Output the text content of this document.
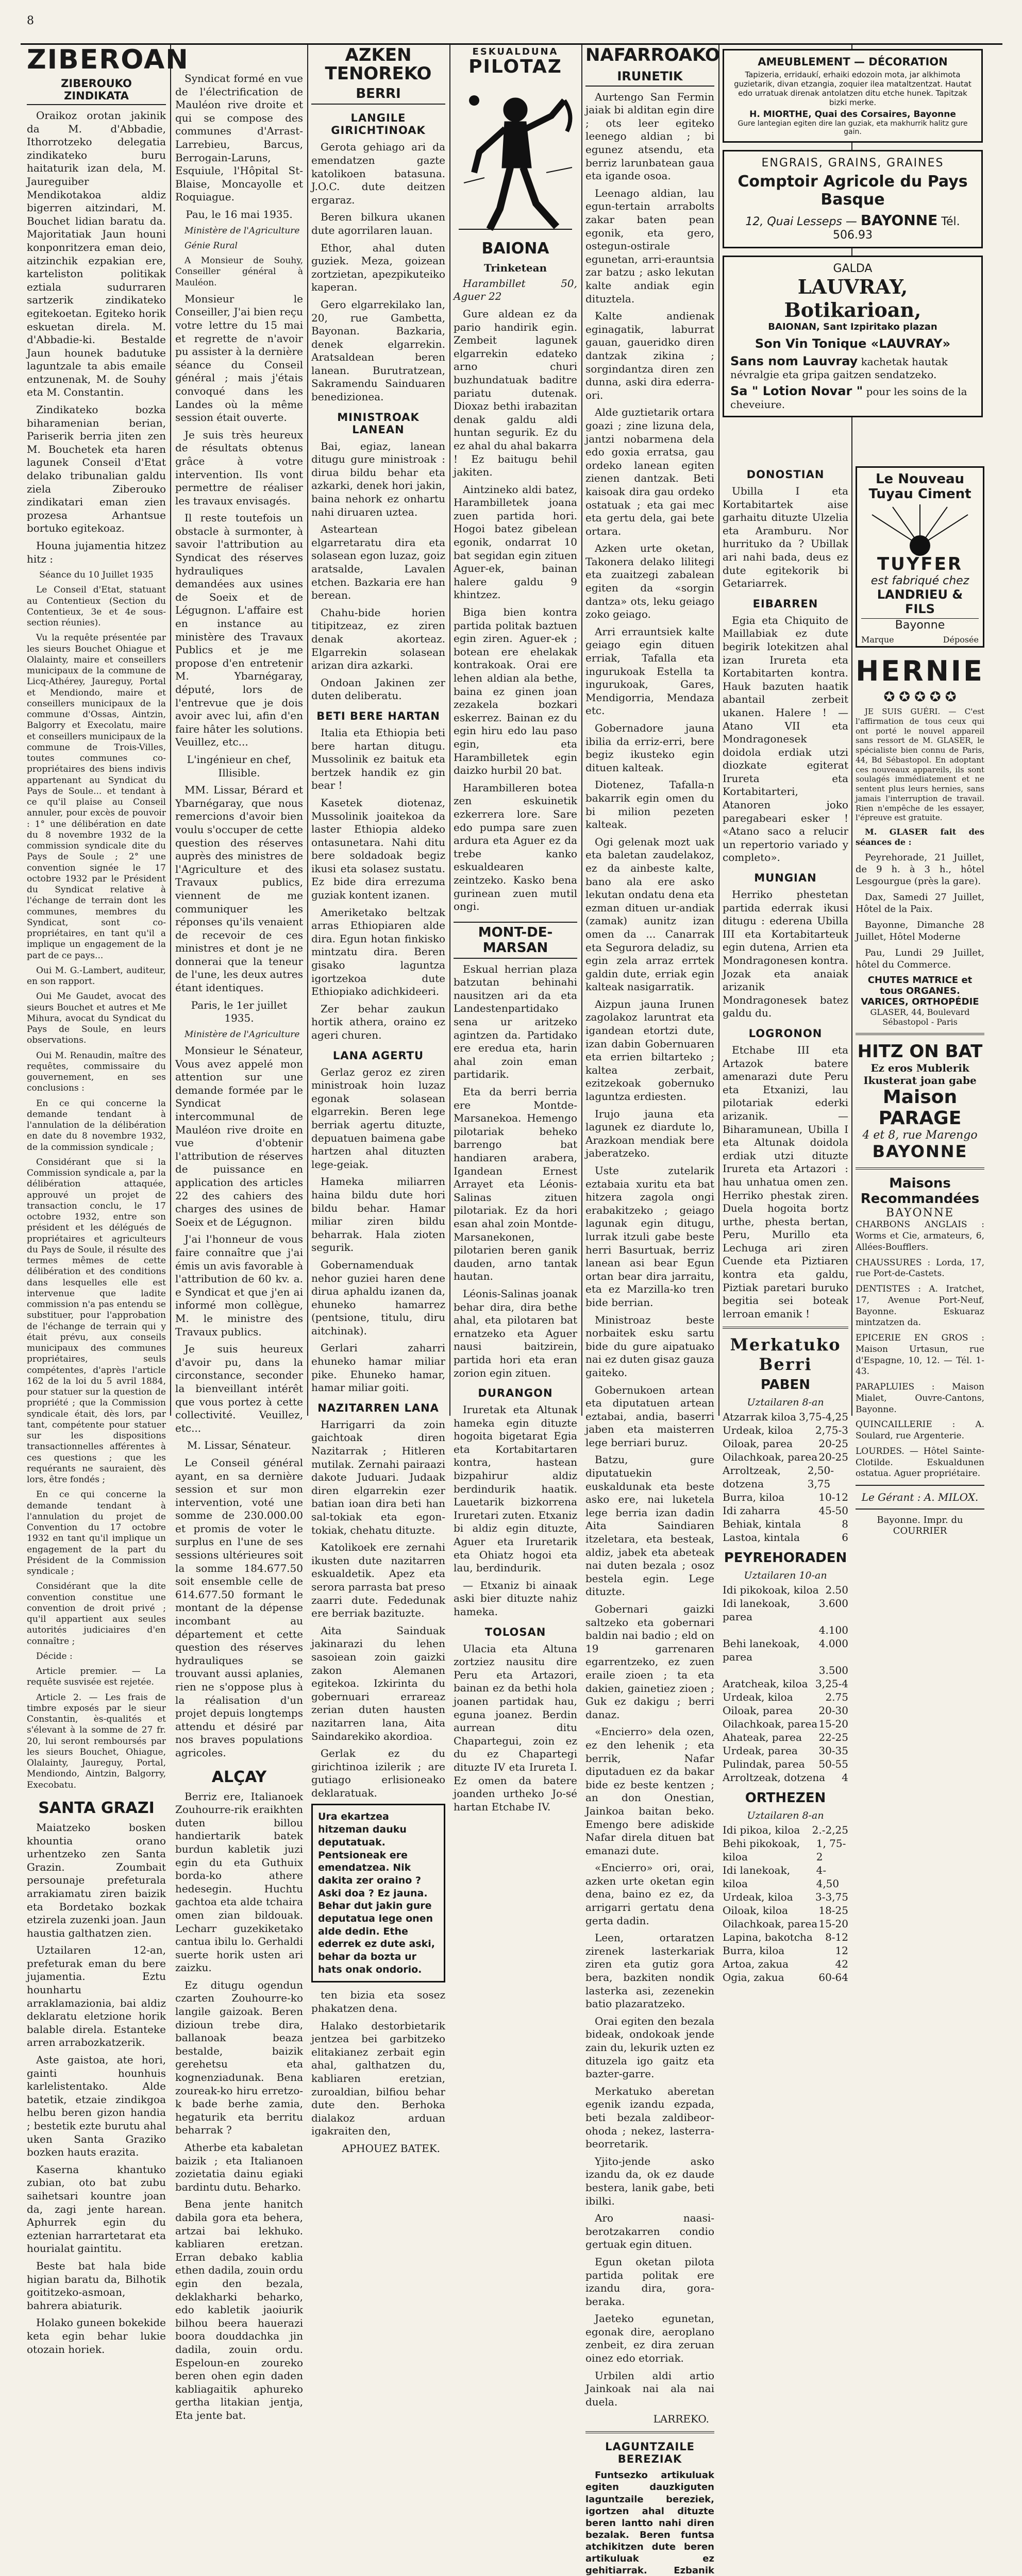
8
ZIBEROAN
ZIBEROUKO ZINDIKATA

Oraikoz orotan jakinik da M. d'Abbadie, Ithorrotzeko delegatia zindikateko buru haitaturik izan dela, M. Jaureguiber Mendikotakoa aldiz bigerren aitzindari, M. Bouchet lidian baratu da. Majoritatiak Jaun houni konponritzera eman deio, aitzinchik ezpakian ere, karteliston politikak eztiala sudurraren sartzerik zindikateko egitekoetan. Egiteko horik eskuetan direla. M. d'Abbadie-ki. Bestalde Jaun hounek badutuke laguntzale ta abis emaile entzunenak, M. de Souhy eta M. Constantin.

Zindikateko bozka biharamenian berian, Pariserik berria jiten zen M. Bouchetek eta haren lagunek Conseil d'Etat delako tribunalian galdu ziela Ziberouko zindikatari eman zien prozesa Arhantsue bortuko egitekoaz.

Houna jujamentia hitzez hitz :

Séance du 10 Juillet 1935

Le Conseil d'Etat, statuant au Contentieux (Section du Contentieux, 3e et 4e sous-section réunies).

Vu la requête présentée par les sieurs Bouchet Ohiague et Olalainty, maire et conseillers municipaux de la commune de Licq-Athérey, Jaureguy, Portal et Mendiondo, maire et conseillers municipaux de la commune d'Ossas, Aintzin, Balgorry et Execolatu, maire et conseillers municipaux de la commune de Trois-Villes, toutes communes co-propriétaires des biens indivis appartenant au Syndicat du Pays de Soule... et tendant à ce qu'il plaise au Conseil annuler, pour excès de pouvoir : 1° une délibération en date du 8 novembre 1932 de la commission syndicale dite du Pays de Soule ; 2° une convention signée le 17 octobre 1932 par le Président du Syndicat relative à l'échange de terrain dont les communes, membres du Syndicat, sont co-propriétaires, en tant qu'il a implique un engagement de la part de ce pays...

Oui M. G.-Lambert, auditeur, en son rapport.

Oui Me Gaudet, avocat des sieurs Bouchet et autres et Me Mihura, avocat du Syndicat du Pays de Soule, en leurs observations.

Oui M. Renaudin, maître des requêtes, commissaire du gouvernement, en ses conclusions :

En ce qui concerne la demande tendant à l'annulation de la délibération en date du 8 novembre 1932, de la commission syndicale ;

Considérant que si la Commission syndicale a, par la délibération attaquée, approuvé un projet de transaction conclu, le 17 octobre 1932, entre son président et les délégués de propriétaires et agriculteurs du Pays de Soule, il résulte des termes mêmes de cette délibération et des conditions dans lesquelles elle est intervenue que ladite commission n'a pas entendu se substituer, pour l'approbation de l'échange de terrain qui y était prévu, aux conseils municipaux des communes propriétaires, seuls compétentes, d'après l'article 162 de la loi du 5 avril 1884, pour statuer sur la question de propriété ; que la Commission syndicale était, dès lors, par tant, compétente pour statuer sur les dispositions transactionnelles afférentes à ces questions ; que les requérants ne sauraient, dès lors, être fondés ;

En ce qui concerne la demande tendant à l'annulation du projet de Convention du 17 octobre 1932 en tant qu'il implique un engagement de la part du Président de la Commission syndicale ;

Considérant que la dite convention constitue une convention de droit privé ; qu'il appartient aux seules autorités judiciaires d'en connaître ;

Décide :

Article premier. — La requête susvisée est rejetée.

Article 2. — Les frais de timbre exposés par le sieur Constantin, ès-qualités et s'élevant à la somme de 27 fr. 20, lui seront remboursés par les sieurs Bouchet, Ohiague, Olalainty, Jaureguy, Portal, Mendiondo, Aintzin, Balgorry, Execobatu.

SANTA GRAZI

Maiatzeko bosken khountia orano urhentzeko zen Santa Grazin. Zoumbait persounaje prefeturala arrakiamatu ziren baizik eta Bordetako bozkak etzirela zuzenki joan. Jaun haustia galthatzen zien.

Uztailaren 12-an, prefeturak eman du bere jujamentia. Eztu hounhartu arraklamazionia, bai aldiz deklaratu eletzione horik balable direla. Estanteke arren arrabozkatzerik.

Aste gaistoa, ate hori, gainti hounhuis karlelistentako. Alde batetik, etzaie zindikgoa helbu beren gizon handia ; bestetik ezte burutu ahal uken Santa Graziko bozken hauts erazita.

Kaserna khantuko zubian, oto bat zubu saihetsari kountre joan da, zagi jente harean. Aphurrek egin du eztenian harrartetarat eta hourialat gaintitu.

Beste bat hala bide higian baratu da, Bilhotik goititzeko-asmoan, bahrera abiaturik.

Holako guneen bokekide keta egin behar lukie otozain horiek.

Syndicat formé en vue de l'électrification de Mauléon rive droite et qui se compose des communes d'Arrast-Larrebieu, Barcus, Berrogain-Laruns, Esquiule, l'Hôpital St-Blaise, Moncayolle et Roquiague.

Pau, le 16 mai 1935.

Ministère de l'Agriculture

Génie Rural

A Monsieur de Souhy, Conseiller général à Mauléon.

Monsieur le Conseiller, J'ai bien reçu votre lettre du 15 mai et regrette de n'avoir pu assister à la dernière séance du Conseil général ; mais j'étais convoqué dans les Landes où la même session était ouverte.

Je suis très heureux de résultats obtenus grâce à votre intervention. Ils vont permettre de réaliser les travaux envisagés.

Il reste toutefois un obstacle à surmonter, à savoir l'attribution au Syndicat des réserves hydrauliques demandées aux usines de Soeix et de Légugnon. L'affaire est en instance au ministère des Travaux Publics et je me propose d'en entretenir M. Ybarnégaray, député, lors de l'entrevue que je dois avoir avec lui, afin d'en faire hâter les solutions. Veuillez, etc...

L'ingénieur en chef, Illisible.

MM. Lissar, Bérard et Ybarnégaray, que nous remercions d'avoir bien voulu s'occuper de cette question des réserves auprès des ministres de l'Agriculture et des Travaux publics, viennent de me communiquer les réponses qu'ils venaient de recevoir de ces ministres et dont je ne donnerai que la teneur de l'une, les deux autres étant identiques.

Paris, le 1er juillet 1935.

Ministère de l'Agriculture

Monsieur le Sénateur, Vous avez appelé mon attention sur une demande formée par le Syndicat intercommunal de Mauléon rive droite en vue d'obtenir l'attribution de réserves de puissance en application des articles 22 des cahiers des charges des usines de Soeix et de Légugnon.

J'ai l'honneur de vous faire connaître que j'ai émis un avis favorable à l'attribution de 60 kv. a. e Syndicat et que j'en ai informé mon collègue, M. le ministre des Travaux publics.

Je suis heureux d'avoir pu, dans la circonstance, seconder la bienveillant intérêt que vous portez à cette collectivité. Veuillez, etc...

M. Lissar, Sénateur.

Le Conseil général ayant, en sa dernière session et sur mon intervention, voté une somme de 230.000.00 et promis de voter le surplus en l'une de ses sessions ultérieures soit la somme 184.677.50 soit ensemble celle de 614.677.50 formant le montant de la dépense incombant au département et cette question des réserves hydrauliques se trouvant aussi aplanies, rien ne s'oppose plus à la réalisation d'un projet depuis longtemps attendu et désiré par nos braves populations agricoles.

ALÇAY

Berriz ere, Italianoek Zouhourre-rik eraikhten duten billou handiertarik batek burdun kabletik juzi egin du eta Guthuix borda-ko athere hedesegin. Huchtu gachtoa eta alde tchaira omen zian bildouak. Lecharr guzekiketako cantua ibilu lo. Gerhaldi suerte horik usten ari zaizku.

Ez ditugu ogendun czarten Zouhourre-ko langile gaizoak. Beren dizioun trebe dira, ballanoak beaza bestalde, baizik gerehetsu eta kognenziadunak. Bena zoureak-ko hiru erretzo-k bade berhe zamia, hegaturik eta berritu beharrak ?

Atherbe eta kabaletan baizik ; eta Italianoen zozietatia dainu egiaki bardintu dutu. Beharko.

Bena jente hanitch dabila gora eta behera, artzai bai lekhuko. kabliaren eretzan. Erran debako kablia ethen dadila, zouin ordu egin den bezala, deklakharki beharko, edo kabletik jaoiurik bilhou beera hauerazi boora douddachka jin dadila, zouin ordu. Espeloun-en zoureko beren ohen egin daden kabliagaitik aphureko gertha litakian jentja, Eta jente bat.

AZKEN TENOREKO
BERRI
LANGILE GIRICHTINOAK

Gerota gehiago ari da emendatzen gazte katolikoen batasuna. J.O.C. dute deitzen ergaraz.

Beren bilkura ukanen dute agorrilaren lauan.

Ethor, ahal duten guziek. Meza, goizean zortzietan, apezpikuteiko kaperan.

Gero elgarrekilako lan, 20, rue Gambetta, Bayonan. Bazkaria, denek elgarrekin. Aratsaldean beren lanean. Burutratzean, Sakramendu Sainduaren benedizionea.

MINISTROAK LANEAN

Bai, egiaz, lanean ditugu gure ministroak : dirua bildu behar eta azkarki, denek hori jakin, baina nehork ez onhartu nahi diruaren uztea.

Asteartean elgarretaratu dira eta solasean egon luzaz, goiz aratsalde, Lavalen etchen. Bazkaria ere han berean.

Chahu-bide horien titipitzeaz, ez ziren denak akorteaz. Elgarrekin solasean arizan dira azkarki.

Ondoan Jakinen zer duten deliberatu.

BETI BERE HARTAN

Italia eta Ethiopia beti bere hartan ditugu. Mussolinik ez baituk eta bertzek handik ez gin bear !

Kasetek diotenaz, Mussolinik joaitekoa da laster Ethiopia aldeko ontasunetara. Nahi ditu bere soldadoak begiz ikusi eta solasez sustatu. Ez bide dira errezuma guziak kontent izanen.

Ameriketako beltzak arras Ethiopiaren alde dira. Egun hotan finkisko mintzatu dira. Beren gisako laguntza igortzekoa dute Ethiopiako adichkideeri.

Zer behar zaukun hortik athera, oraino ez ageri churen.

LANA AGERTU

Gerlaz geroz ez ziren ministroak hoin luzaz egonak solasean elgarrekin. Beren lege berriak agertu dituzte, depuatuen baimena gabe hartzen ahal dituzten lege-geiak.

Hameka miliarren haina bildu dute hori bildu behar. Hamar miliar ziren bildu beharrak. Hala zioten segurik.

Gobernamenduak nehor guziei haren dene dirua aphaldu izanen da, ehuneko hamarrez (pentsione, titulu, diru aitchinak).

Gerlari zaharri ehuneko hamar miliar pike. Ehuneko hamar, hamar miliar goiti.

NAZITARREN LANA

Harrigarri da zoin gaichtoak diren Nazitarrak ; Hitleren mutilak. Zernahi pairaazi dakote Juduari. Judaak diren elgarrekin ezer batian ioan dira beti han sal-tokiak eta egon-tokiak, chehatu dituzte.

Katolikoek ere zernahi ikusten dute nazitarren eskualdetik. Apez eta serora parrasta bat preso zaarri dute. Fededunak ere berriak bazituzte.

Aita Sainduak jakinarazi du lehen sasoiean zoin gaizki zakon Alemanen egitekoa. Izkirinta du gobernuari errareaz zerian duten hausten nazitarren lana, Aita Saindarekiko akordioa.

Gerlak ez du girichtinoa izilerik ; are gutiago erlisioneako deklaratuak.

Ura ekartzea hitzeman dauku deputatuak. Pentsioneak ere emendatzea. Nik dakita zer oraino ? Aski doa ? Ez jauna. Behar dut jakin gure deputatua lege onen alde dedin. Ethe ederrek ez dute aski, behar da bozta ur hats onak ondorio.

ten bizia eta sosez phakatzen dena.

Halako destorbietarik jentzea bei garbitzeko elitakianez zerbait egin ahal, galthatzen du, kabliaren eretzian, zuroaldian, bilfiou behar dute den. Berhoka dialakoz arduan igakraiten den,

APHOUEZ BATEK.
ESKUALDUNA
PILOTAZ
BAIONA
Trinketean

Harambillet 50, Aguer 22

Gure aldean ez da pario handirik egin. Zembeit lagunek elgarrekin edateko arno churi buzhundatuak baditre pariatu dutenak. Dioxaz bethi irabazitan denak galdu aldi huntan segurik. Ez du ez ahal du ahal bakarra ! Ez baitugu behil jakiten.

Aintzineko aldi batez, Harambilletek joana zuen partida hori. Hogoi batez gibelean egonik, ondarrat 10 bat segidan egin zituen Aguer-ek, bainan halere galdu 9 khintzez.

Biga bien kontra partida politak baztuen egin ziren. Aguer-ek ; botean ere ehelakak kontrakoak. Orai ere lehen aldian ala bethe, baina ez ginen joan zezakela bozkari eskerrez. Bainan ez du egin hiru edo lau paso egin, eta Harambilletek egin daizko hurbil 20 bat.

Harambilleren botea zen eskuinetik ezkerrera lore. Sare edo pumpa sare zuen ardura eta Aguer ez da trebe kanko eskualdearen zeintzeko. Kasko bena gurinean zuen mutil ongi.

MONT-DE-MARSAN

Eskual herrian plaza batzutan behinahi nausitzen ari da eta Landestenpartidako sena ur aritzeko agintzen da. Partidako ere eredua eta, harin ahal zoin eman partidarik.

Eta da berri berria ere Montde-Marsanekoa. Hemengo pilotariak beheko barrengo bat handiaren arabera, Igandean Ernest Arrayet eta Léonis-Salinas zituen pilotariak. Ez da hori esan ahal zoin Montde-Marsanekonen, pilotarien beren ganik dauden, arno tantak hautan.

Léonis-Salinas joanak behar dira, dira bethe ahal, eta pilotaren bat ernatzeko eta Aguer nausi baitzirein, partida hori eta eran zorion egin zituen.

DURANGON

Iruretak eta Altunak hameka egin dituzte hogoita bigetarat Egia eta Kortabitartaren kontra, hastean bizpahirur aldiz berdindurik haatik. Lauetarik bizkorrena Iruretari zuten. Etxaniz bi aldiz egin dituzte, Aguer eta Iruretarik eta Ohiatz hogoi eta lau, berdindurik.

— Etxaniz bi ainaak aski bier dituzte nahiz hameka.

TOLOSAN

Ulacia eta Altuna zortziez nausitu dire Peru eta Artazori, bainan ez da bethi hola joanen partidak hau, eguna joanez. Berdin aurrean ditu Chapartegui, zoin ez du ez Chapartegi dituzte IV eta Irureta I. Ez omen da batere joanden urtheko Jo-sé hartan Etchabe IV.

NAFARROAKO
IRUNETIK

Aurtengo San Fermin jaiak bi alditan egin dire ; ots leer egiteko leenego aldian ; bi egunez atsendu, eta berriz larunbatean gaua eta igande osoa.

Leenago aldian, lau egun-tertain arrabolts zakar baten pean egonik, eta gero, ostegun-ostirale egunetan, arri-erauntsia zar batzu ; asko lekutan kalte andiak egin dituztela.

Kalte andienak eginagatik, laburrat gauan, gaueridko diren dantzak zikina ; sorgindantza diren zen dunna, aski dira ederra-ori.

Alde guztietarik ortara goazi ; zine lizuna dela, jantzi nobarmena dela edo goxia erratsa, gau ordeko lanean egiten zienen dantzak. Beti kaisoak dira gau ordeko ostatuak ; eta gai mec eta gertu dela, gai bete ortara.

Azken urte oketan, Takonera delako lilitegi eta zuaitzegi zabalean egiten da «sorgin dantza» ots, leku geiago zoko geiago.

Arri errauntsiek kalte geiago egin dituen erriak, Tafalla eta ingurukoak Estella ta ingurukoak, Gares, Mendigorria, Mendaza etc.

Gobernadore jauna ibilia da erriz-erri, bere begiz ikusteko egin dituen kalteak.

Diotenez, Tafalla-n bakarrik egin omen du bi milion pezeten kalteak.

Ogi gelenak mozt uak eta baletan zaudelakoz, ez da ainbeste kalte, bano ala ere asko lekutan ondatu dena eta ezman dituen ur-andiak (zamak) aunitz izan omen da ... Canarrak eta Segurora deladiz, su egin zela arraz errtek galdin dute, erriak egin kalteak nasigarratik.

Aizpun jauna Irunen zagolakoz laruntrat eta igandean etortzi dute, izan dabin Gobernuaren eta errien biltarteko ; kaltea zerbait, ezitzekoak gobernuko laguntza erdiesten.

Irujo jauna eta lagunek ez diardute lo, Arazkoan mendiak bere jaberatzeko.

Uste zutelarik eztabaia xuritu eta bat hitzera zagola ongi erabakitzeko ; geiago lagunak egin ditugu, lurrak itzuli gabe beste herri Basurtuak, berriz lanean asi bear Egun ortan bear dira jarraitu, eta ez Marzilla-ko tren bide berrian.

Ministroaz beste norbaitek esku sartu bide du gure aipatuako nai ez duten gisaz gauza gaiteko.

Gobernukoen artean eta diputatuen artean eztabai, andia, baserri jaben eta maisterren lege berriari buruz.

Batzu, gure diputatuekin euskaldunak eta beste asko ere, nai luketela lege berria izan dadin Aita Saindiaren itzeletara, eta besteak, aldiz, jabek eta abeteak nai duten bezala ; osoz bestela egin. Lege dituzte.

Gobernari gaizki saltzeko eta gobernari baldin nai badio ; eld on 19 garrenaren egarrentzeko, ez zuen eraile zioen ; ta eta dakien, gainetiez zioen ; Guk ez dakigu ; berri danaz.

«Encierro» dela ozen, ez den lehenik ; eta berrik, Nafar diputaduen ez da bakar bide ez beste kentzen ; an don Onestian, Jainkoa baitan beko. Emengo bere adiskide Nafar direla dituen bat emanazi dute.

«Encierro» ori, orai, azken urte oketan egin dena, baino ez ez, da arrigarri gertatu dena gerta dadin.

Leen, ortaratzen zirenek lasterkariak ziren eta gutiz gora bera, bazkiten nondik lasterka asi, zezenekin batio plazaratzeko.

Orai egiten den bezala bideak, ondokoak jende zain du, lekurik uzten ez dituzela igo gaitz eta bazter-garre.

Merkatuko aberetan egenik izandu ezpada, beti bezala zaldibeor-ohoda ; nekez, lasterra-beorretarik.

Yjito-jende asko izandu da, ok ez daude bestera, lanik gabe, beti ibilki.

Aro naasi-berotzakarren condio gertuak egin dituen.

Egun oketan pilota partida politak ere izandu dira, gora-beraka.

Jaeteko egunetan, egonak dire, aeroplano zenbeit, ez dira zeruan oinez edo etorriak.

Urbilen aldi artio Jainkoak nai ala nai duela.

LARREKO.
LAGUNTZAILE BEREZIAK

Funtsezko artikuluak egiten dauzkiguten laguntzaile bereziek, igortzen ahal dituzte beren lantto nahi diren bezalak. Beren funtsa atchikitzen dute beren artikuluak ez gehitiarrak. Ezbanik

AMEUBLEMENT — DÉCORATION
Tapizeria, erridaukí, erhaiki edozoin mota, jar alkhimota guzietarik, divan etzangia, zoquier ilea mataltzentzat. Hautat edo urratuak direnak antolatzen ditu etche hunek. Tapitzak bizki merke.
H. MIORTHE, Quai des Corsaires, Bayonne
Gure lantegian egiten dire lan guziak, eta makhurrik halitz gure gain.
ENGRAIS, GRAINS, GRAINES
Comptoir Agricole du Pays Basque
12, Quai Lesseps — BAYONNE Tél. 506.93
GALDA
LAUVRAY, Botikarioan,
BAIONAN, Sant Izpiritako plazan
Son Vin Tonique «LAUVRAY»
Sans nom Lauvray kachetak hautak névralgie eta gripa gaitzen sendatzeko.
Sa " Lotion Novar " pour les soins de la cheveiure.
DONOSTIAN

Ubilla I eta Kortabitartek aise garhaitu dituzte Ulzelia eta Aramburu. Nor hurrituko da ? Ubillak ari nahi bada, deus ez dute egitekorik bi Getariarrek.

EIBARREN

Egia eta Chiquito de Maillabiak ez dute begirik lotekitzen ahal izan Irureta eta Kortabitarten kontra. Hauk bazuten haatik abantail zerbeit ukanen. Halere ! — Atano VII eta Mondragonesek doidola erdiak utzi diozkate egiterat Irureta eta Kortabitarteri, Atanoren joko paregabeari esker ! «Atano saco a relucir un repertorio variado y completo».

MUNGIAN

Herriko phestetan partida ederrak ikusi ditugu : ederena Ubilla III eta Kortabitarteuk egin dutena, Arrien eta Mondragonesen kontra. Jozak eta anaiak arizanik Mondragonesek batez galdu du.

LOGRONON

Etchabe III eta Artazok batere amenarazi dute Peru eta Etxanizi, lau pilotariak ederki arizanik. — Biharamunean, Ubilla I eta Altunak doidola erdiak utzi dituzte Irureta eta Artazori : hau unhatua omen zen. Herriko phestak ziren. Duela hogoita bortz urthe, phesta bertan, Peru, Murillo eta Lechuga ari ziren Cuende eta Piztiaren kontra eta galdu, Piztiak paretari buruko begitia sei boteak lerroan emanik !

Merkatuko Berri
PABEN
Uztailaren 8-an
Atzarrak kiloa 3,75-4,25
Urdeak, kiloa 2,75-3
Oiloak, parea	20-25
Oilachkoak, parea 20-25
Arroltzeak, dotzena
2,50-3,75
Burra, kiloa	10-12
Idi zaharra	45-50
Behiak, kintala	8
Lastoa, kintala	6
PEYREHORADEN
Uztailaren 10-an
Idi pikokoak, kiloa 2.50
Idi lanekoak, parea
3.600
4.100
Behi lanekoak, parea
4.000
3.500
Aratcheak, kiloa 3,25-4
Urdeak, kiloa	2.75
Oiloak, parea	20-30
Oilachkoak, parea 15-20
Ahateak, parea 22-25
Urdeak, parea 30-35
Pulindak, parea 50-55
Arroltzeak, dotzena 4
ORTHEZEN
Uztailaren 8-an
Idi pikoa, kiloa 2.-2,25
Behi pikokoak, kiloa
1, 75-2
Idi lanekoak, kiloa
4-4,50
Urdeak, kiloa 3-3,75
Oiloak, kiloa	18-25
Oilachkoak, parea 15-20
Lapina, bakotcha 8-12
Burra, kiloa	12
Artoa, zakua	42
Ogia, zakua	60-64
Le Nouveau Tuyau Ciment
TUYFER
est fabriqué chez
LANDRIEU & FILS
Bayonne
Marque	Déposée
HERNIE
✪ ✪ ✪ ✪ ✪

JE SUIS GUÉRI. — C'est l'affirmation de tous ceux qui ont porté le nouvel appareil sans ressort de M. GLASER, le spécialiste bien connu de Paris, 44, Bd Sébastopol. En adoptant ces nouveaux appareils, ils sont soulagés immédiatement et ne sentent plus leurs hernies, sans jamais l'interruption de travail. Rien n'empêche de les essayer, l'épreuve est gratuite.

M. GLASER fait des séances de :

Peyrehorade, 21 Juillet, de 9 h. à 3 h., hôtel Lesgourgue (près la gare).

Dax, Samedi 27 Juillet, Hôtel de la Paix.

Bayonne, Dimanche 28 Juillet, Hôtel Moderne

Pau, Lundi 29 Juillet, hôtel du Commerce.

CHUTES MATRICE et tous ORGANES. VARICES, ORTHOPÉDIE
GLASER, 44, Boulevard Sébastopol - Paris
HITZ ON BAT
Ez eros Mublerik Ikusterat joan gabe
Maison PARAGE
4 et 8, rue Marengo
BAYONNE
Maisons Recommandées
BAYONNE

CHARBONS ANGLAIS : Worms et Cie, armateurs, 6, Allées-Boufflers.

CHAUSSURES : Lorda, 17, rue Port-de-Castets.

DENTISTES : A. Iratchet, 17, Avenue Port-Neuf, Bayonne. Eskuaraz mintzatzen da.

EPICERIE EN GROS : Maison Urtasun, rue d'Espagne, 10, 12. — Tél. 1-43.

PARAPLUIES : Maison Mialet, Ouvre-Cantons, Bayonne.

QUINCAILLERIE : A. Soulard, rue Argenterie.

LOURDES. — Hôtel Sainte-Clotilde. Eskualdunen ostatua. Aguer propriétaire.

Le Gérant : A. MILOX.
Bayonne. Impr. du COURRIER
